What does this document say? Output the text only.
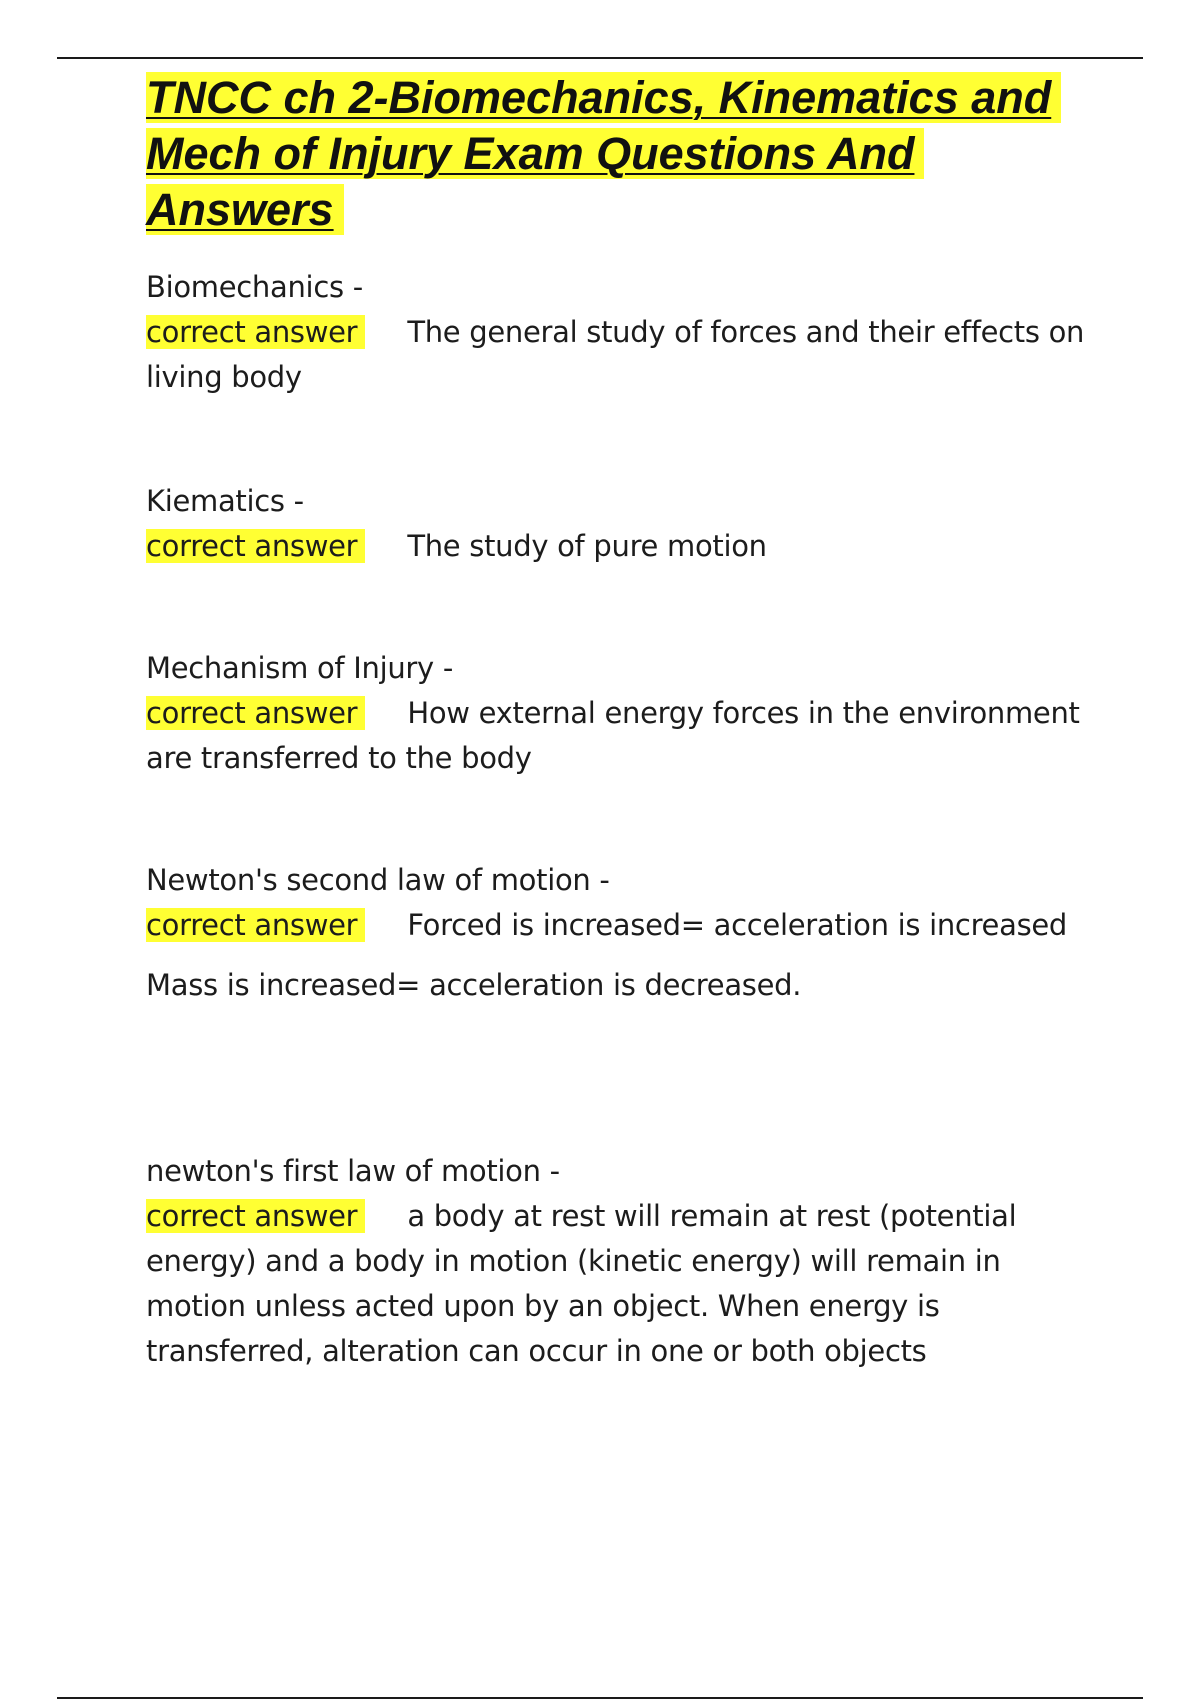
TNCC ch 2-Biomechanics, Kinematics and Mech of Injury Exam Questions And Answers
Biomechanics -
correct answer The general study of forces and their effects on living body
Kiematics -
correct answer The study of pure motion
Mechanism of Injury -
correct answer How external energy forces in the environment are transferred to the body
Newton's second law of motion -
correct answer Forced is increased= acceleration is increased
Mass is increased= acceleration is decreased.
newton's first law of motion -
correct answer a body at rest will remain at rest (potential energy) and a body in motion (kinetic energy) will remain in motion unless acted upon by an object. When energy is transferred, alteration can occur in one or both objects
